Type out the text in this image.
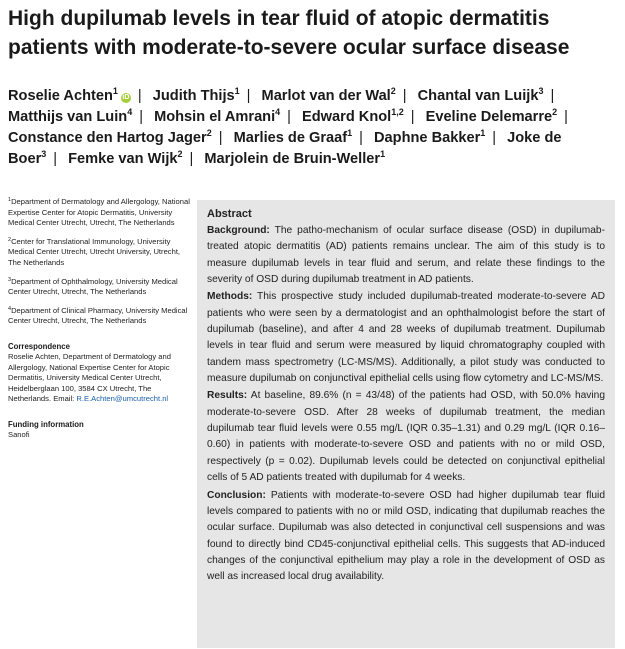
High dupilumab levels in tear fluid of atopic dermatitis patients with moderate-to-severe ocular surface disease
Roselie Achten$^1$iD | Judith Thijs$^1$ | Marlot van der Wal$^2$ | Chantal van Luijk$^3$ | Matthijs van Luin$^4$ | Mohsin el Amrani$^4$ | Edward Knol$^{1,2}$ | Eveline Delemarre$^2$ | Constance den Hartog Jager$^2$ | Marlies de Graaf$^1$ | Daphne Bakker$^1$ | Joke de Boer$^3$ | Femke van Wijk$^2$ | Marjolein de Bruin-Weller$^1$
$^1$Department of Dermatology and Allergology, National Expertise Center for Atopic Dermatitis, University Medical Center Utrecht, Utrecht, The Netherlands
$^2$Center for Translational Immunology, University Medical Center Utrecht, Utrecht University, Utrecht, The Netherlands
$^3$Department of Ophthalmology, University Medical Center Utrecht, Utrecht, The Netherlands
$^4$Department of Clinical Pharmacy, University Medical Center Utrecht, Utrecht, The Netherlands
Correspondence
Roselie Achten, Department of Dermatology and Allergology, National Expertise Center for Atopic Dermatitis, University Medical Center Utrecht, Heidelberglaan 100, 3584 CX Utrecht, The Netherlands. Email: R.E.Achten@umcutrecht.nl
Funding information
Sanofi
Abstract

Background: The patho-mechanism of ocular surface disease (OSD) in dupilumab-treated atopic dermatitis (AD) patients remains unclear. The aim of this study is to measure dupilumab levels in tear fluid and serum, and relate these findings to the severity of OSD during dupilumab treatment in AD patients.

Methods: This prospective study included dupilumab-treated moderate-to-severe AD patients who were seen by a dermatologist and an ophthalmologist before the start of dupilumab (baseline), and after 4 and 28 weeks of dupilumab treatment. Dupilumab levels in tear fluid and serum were measured by liquid chromatography coupled with tandem mass spectrometry (LC-MS/MS). Additionally, a pilot study was conducted to measure dupilumab on conjunctival epithelial cells using flow cytometry and LC-MS/MS.

Results: At baseline, 89.6% (n = 43/48) of the patients had OSD, with 50.0% having moderate-to-severe OSD. After 28 weeks of dupilumab treatment, the median dupilumab tear fluid levels were 0.55 mg/L (IQR 0.35–1.31) and 0.29 mg/L (IQR 0.16–0.60) in patients with moderate-to-severe OSD and patients with no or mild OSD, respectively (p = 0.02). Dupilumab levels could be detected on conjunctival epithelial cells of 5 AD patients treated with dupilumab for 4 weeks.

Conclusion: Patients with moderate-to-severe OSD had higher dupilumab tear fluid levels compared to patients with no or mild OSD, indicating that dupilumab reaches the ocular surface. Dupilumab was also detected in conjunctival cell suspensions and was found to directly bind CD45-conjunctival epithelial cells. This suggests that AD-induced changes of the conjunctival epithelium may play a role in the development of OSD as well as increased local drug availability.
